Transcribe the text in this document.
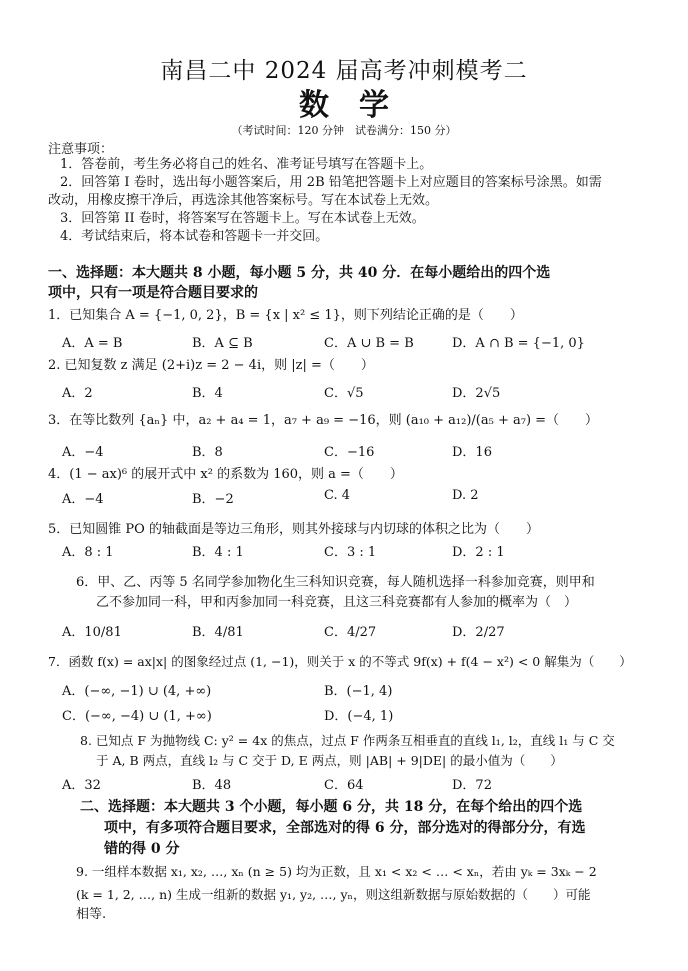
南昌二中 2024 届高考冲刺模考二
数学
（考试时间：120 分钟　试卷满分：150 分）
注意事项：
1．答卷前，考生务必将自己的姓名、准考证号填写在答题卡上。
2．回答第 I 卷时，选出每小题答案后，用 2B 铅笔把答题卡上对应题目的答案标号涂黑。如需
改动，用橡皮擦干净后，再选涂其他答案标号。写在本试卷上无效。
3．回答第 II 卷时，将答案写在答题卡上。写在本试卷上无效。
4．考试结束后，将本试卷和答题卡一并交回。
一、选择题：本大题共 8 小题，每小题 5 分，共 40 分．在每小题给出的四个选
项中，只有一项是符合题目要求的
1．已知集合 A = {−1, 0, 2}，B = {x | x² ≤ 1}，则下列结论正确的是（　　）
A．A = B	B．A ⊆ B	C．A ∪ B = B	D．A ∩ B = {−1, 0}
2. 已知复数 z 满足 (2+i)z = 2 − 4i，则 |z| =（　　）
A．2	B．4	C．√5	D．2√5
3．在等比数列 {aₙ} 中，a₂ + a₄ = 1，a₇ + a₉ = −16，则 (a₁₀ + a₁₂)/(a₅ + a₇) =（　　）
A．−4	B．8	C．−16	D．16
4．(1 − ax)⁶ 的展开式中 x² 的系数为 160，则 a =（　　）
A．−4	B．−2	C. 4	D. 2
5．已知圆锥 PO 的轴截面是等边三角形，则其外接球与内切球的体积之比为（　　）
A．8 : 1	B．4 : 1	C．3 : 1	D．2 : 1
6．甲、乙、丙等 5 名同学参加物化生三科知识竞赛，每人随机选择一科参加竞赛，则甲和
乙不参加同一科，甲和丙参加同一科竞赛，且这三科竞赛都有人参加的概率为（　）
A．10/81	B．4/81	C．4/27	D．2/27
7．函数 f(x) = ax|x| 的图象经过点 (1, −1)，则关于 x 的不等式 9f(x) + f(4 − x²) < 0 解集为（　　）
A．(−∞, −1) ∪ (4, +∞)	B．(−1, 4)
C．(−∞, −4) ∪ (1, +∞)	D．(−4, 1)
8. 已知点 F 为抛物线 C: y² = 4x 的焦点，过点 F 作两条互相垂直的直线 l₁, l₂，直线 l₁ 与 C 交
于 A, B 两点，直线 l₂ 与 C 交于 D, E 两点，则 |AB| + 9|DE| 的最小值为（　　）
A．32	B．48	C．64	D．72
二、选择题：本大题共 3 个小题，每小题 6 分，共 18 分，在每个给出的四个选
项中，有多项符合题目要求，全部选对的得 6 分，部分选对的得部分分，有选
错的得 0 分
9. 一组样本数据 x₁, x₂, …, xₙ (n ≥ 5) 均为正数，且 x₁ < x₂ < … < xₙ，若由 yₖ = 3xₖ − 2
(k = 1, 2, …, n) 生成一组新的数据 y₁, y₂, …, yₙ，则这组新数据与原始数据的（　　）可能
相等.
